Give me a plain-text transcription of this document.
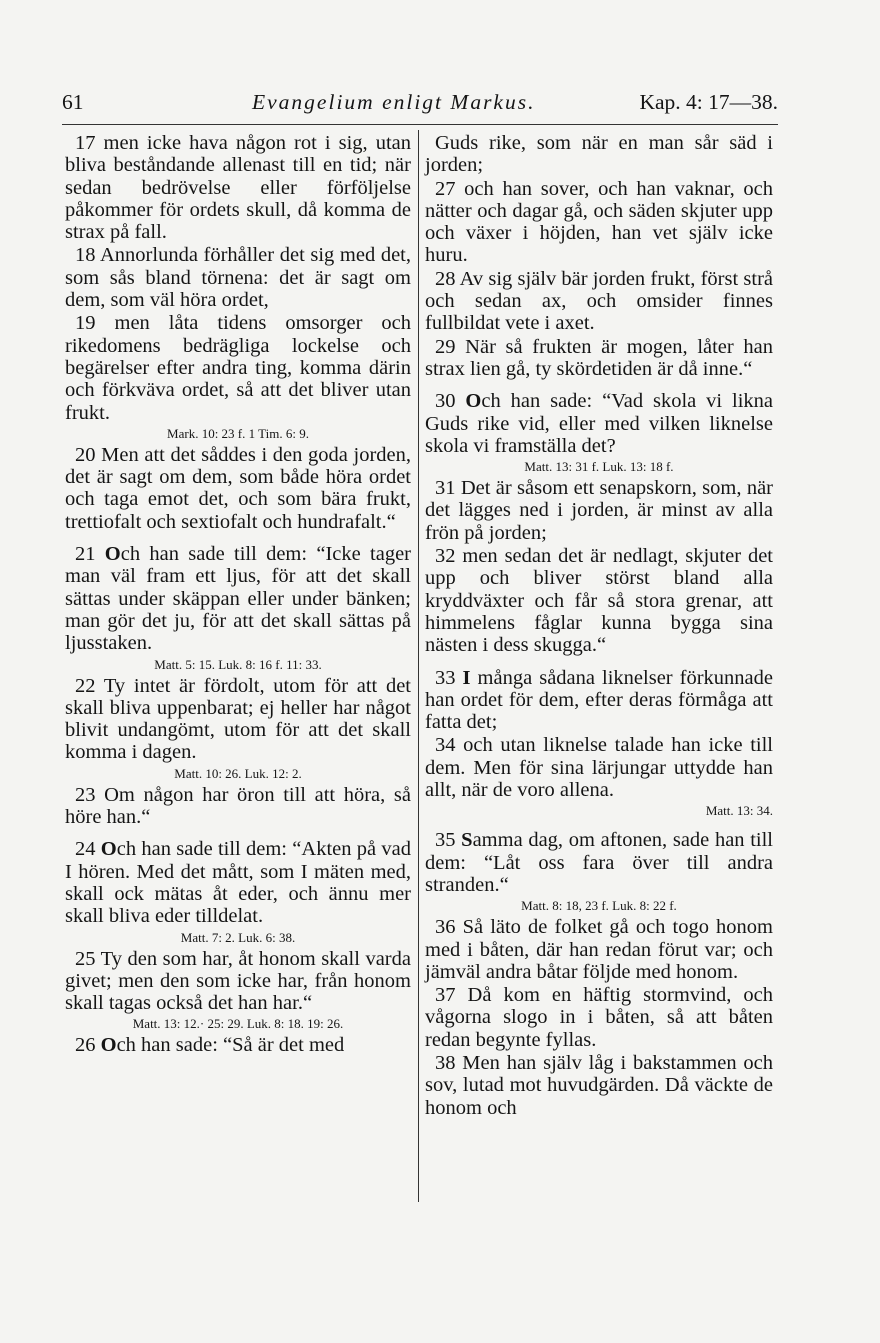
61	Evangelium enligt Markus.	Kap. 4: 17—38.
17 men icke hava någon rot i sig, utan bliva beståndande allenast till en tid; när sedan bedrövelse eller förföljelse påkommer för ordets skull, då komma de strax på fall.
18 Annorlunda förhåller det sig med det, som sås bland törnena: det är sagt om dem, som väl höra ordet,
19 men låta tidens omsorger och rikedomens bedrägliga lockelse och begärelser efter andra ting, komma därin och förkväva ordet, så att det bliver utan frukt.
Mark. 10: 23 f. 1 Tim. 6: 9.
20 Men att det såddes i den goda jorden, det är sagt om dem, som både höra ordet och taga emot det, och som bära frukt, trettiofalt och sextiofalt och hundrafalt.“
21 Och han sade till dem: “Icke tager man väl fram ett ljus, för att det skall sättas under skäppan eller under bänken; man gör det ju, för att det skall sättas på ljusstaken.
Matt. 5: 15. Luk. 8: 16 f. 11: 33.
22 Ty intet är fördolt, utom för att det skall bliva uppenbarat; ej heller har något blivit undangömt, utom för att det skall komma i dagen.
Matt. 10: 26. Luk. 12: 2.
23 Om någon har öron till att höra, så höre han.“
24 Och han sade till dem: “Akten på vad I hören. Med det mått, som I mäten med, skall ock mätas åt eder, och ännu mer skall bliva eder tilldelat.
Matt. 7: 2. Luk. 6: 38.
25 Ty den som har, åt honom skall varda givet; men den som icke har, från honom skall tagas också det han har.“
Matt. 13: 12.· 25: 29. Luk. 8: 18. 19: 26.
26 Och han sade: “Så är det med
Guds rike, som när en man sår säd i jorden;
27 och han sover, och han vaknar, och nätter och dagar gå, och säden skjuter upp och växer i höjden, han vet själv icke huru.
28 Av sig själv bär jorden frukt, först strå och sedan ax, och omsider finnes fullbildat vete i axet.
29 När så frukten är mogen, låter han strax lien gå, ty skördetiden är då inne.“
30 Och han sade: “Vad skola vi likna Guds rike vid, eller med vilken liknelse skola vi framställa det?
Matt. 13: 31 f. Luk. 13: 18 f.
31 Det är såsom ett senapskorn, som, när det lägges ned i jorden, är minst av alla frön på jorden;
32 men sedan det är nedlagt, skjuter det upp och bliver störst bland alla kryddväxter och får så stora grenar, att himmelens fåglar kunna bygga sina nästen i dess skugga.“
33 I många sådana liknelser förkunnade han ordet för dem, efter deras förmåga att fatta det;
34 och utan liknelse talade han icke till dem. Men för sina lärjungar uttydde han allt, när de voro allena.
Matt. 13: 34.
35 Samma dag, om aftonen, sade han till dem: “Låt oss fara över till andra stranden.“
Matt. 8: 18, 23 f. Luk. 8: 22 f.
36 Så läto de folket gå och togo honom med i båten, där han redan förut var; och jämväl andra båtar följde med honom.
37 Då kom en häftig stormvind, och vågorna slogo in i båten, så att båten redan begynte fyllas.
38 Men han själv låg i bakstammen och sov, lutad mot huvudgärden. Då väckte de honom och
